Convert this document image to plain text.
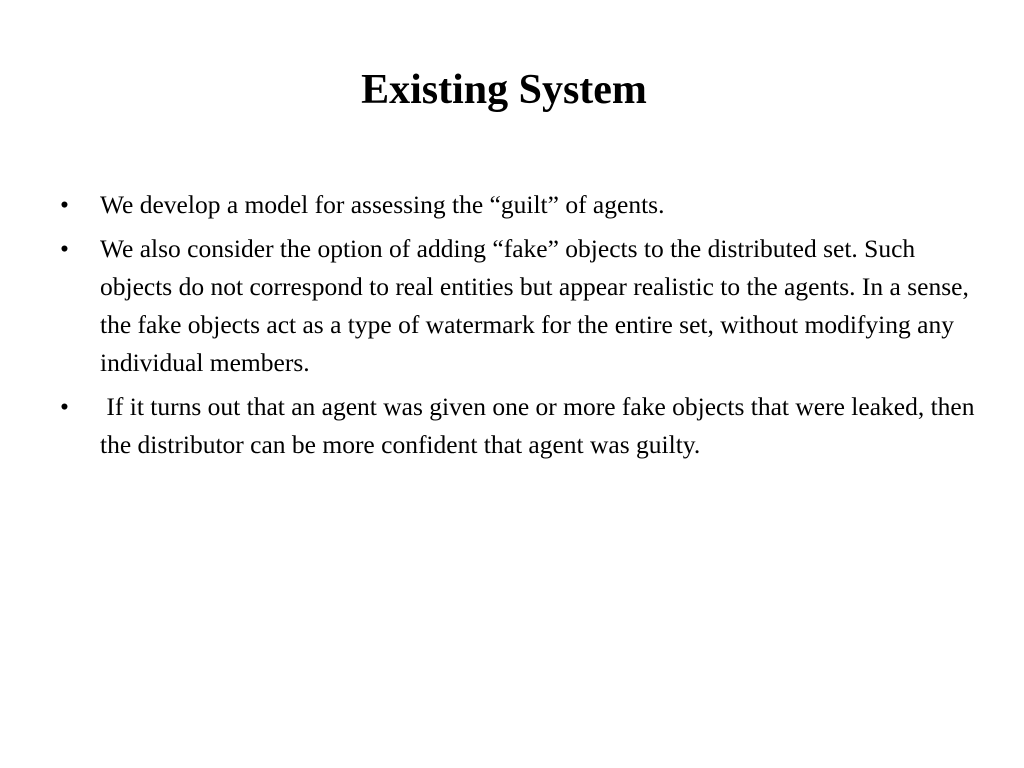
Existing System
•	We develop a model for assessing the “guilt” of agents.
•	We also consider the option of adding “fake” objects to the distributed set. Such objects do not correspond to real entities but appear realistic to the agents. In a sense, the fake objects act as a type of watermark for the entire set, without modifying any individual members.
•	If it turns out that an agent was given one or more fake objects that were leaked, then the distributor can be more confident that agent was guilty.
